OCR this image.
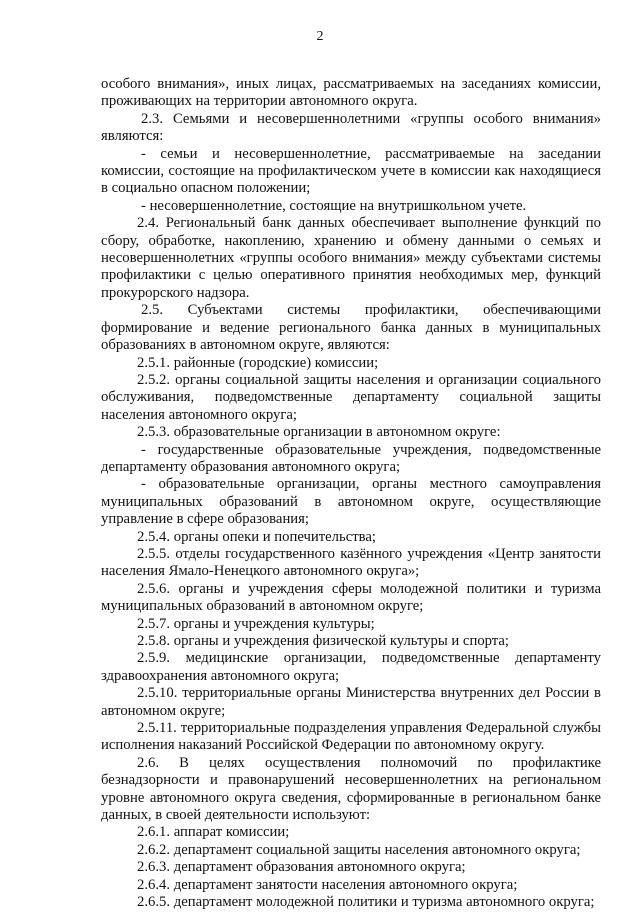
2

особого внимания», иных лицах, рассматриваемых на заседаниях комиссии, проживающих на территории автономного округа.

2.3. Семьями и несовершеннолетними «группы особого внимания» являются:

- семьи и несовершеннолетние, рассматриваемые на заседании комиссии, состоящие на профилактическом учете в комиссии как находящиеся в социально опасном положении;

- несовершеннолетние, состоящие на внутришкольном учете.

2.4. Региональный банк данных обеспечивает выполнение функций по сбору, обработке, накоплению, хранению и обмену данными о семьях и несовершеннолетних «группы особого внимания» между субъектами системы профилактики с целью оперативного принятия необходимых мер, функций прокурорского надзора.

2.5. Субъектами системы профилактики, обеспечивающими формирование и ведение регионального банка данных в муниципальных образованиях в автономном округе, являются:

2.5.1. районные (городские) комиссии;

2.5.2. органы социальной защиты населения и организации социального обслуживания, подведомственные департаменту социальной защиты населения автономного округа;

2.5.3. образовательные организации в автономном округе:

- государственные образовательные учреждения, подведомственные департаменту образования автономного округа;

- образовательные организации, органы местного самоуправления муниципальных образований в автономном округе, осуществляющие управление в сфере образования;

2.5.4. органы опеки и попечительства;

2.5.5. отделы государственного казённого учреждения «Центр занятости населения Ямало-Ненецкого автономного округа»;

2.5.6. органы и учреждения сферы молодежной политики и туризма муниципальных образований в автономном округе;

2.5.7. органы и учреждения культуры;

2.5.8. органы и учреждения физической культуры и спорта;

2.5.9. медицинские организации, подведомственные департаменту здравоохранения автономного округа;

2.5.10. территориальные органы Министерства внутренних дел России в автономном округе;

2.5.11. территориальные подразделения управления Федеральной службы исполнения наказаний Российской Федерации по автономному округу.

2.6. В целях осуществления полномочий по профилактике безнадзорности и правонарушений несовершеннолетних на региональном уровне автономного округа сведения, сформированные в региональном банке данных, в своей деятельности используют:

2.6.1. аппарат комиссии;

2.6.2. департамент социальной защиты населения автономного округа;

2.6.3. департамент образования автономного округа;

2.6.4. департамент занятости населения автономного округа;

2.6.5. департамент молодежной политики и туризма автономного округа;
